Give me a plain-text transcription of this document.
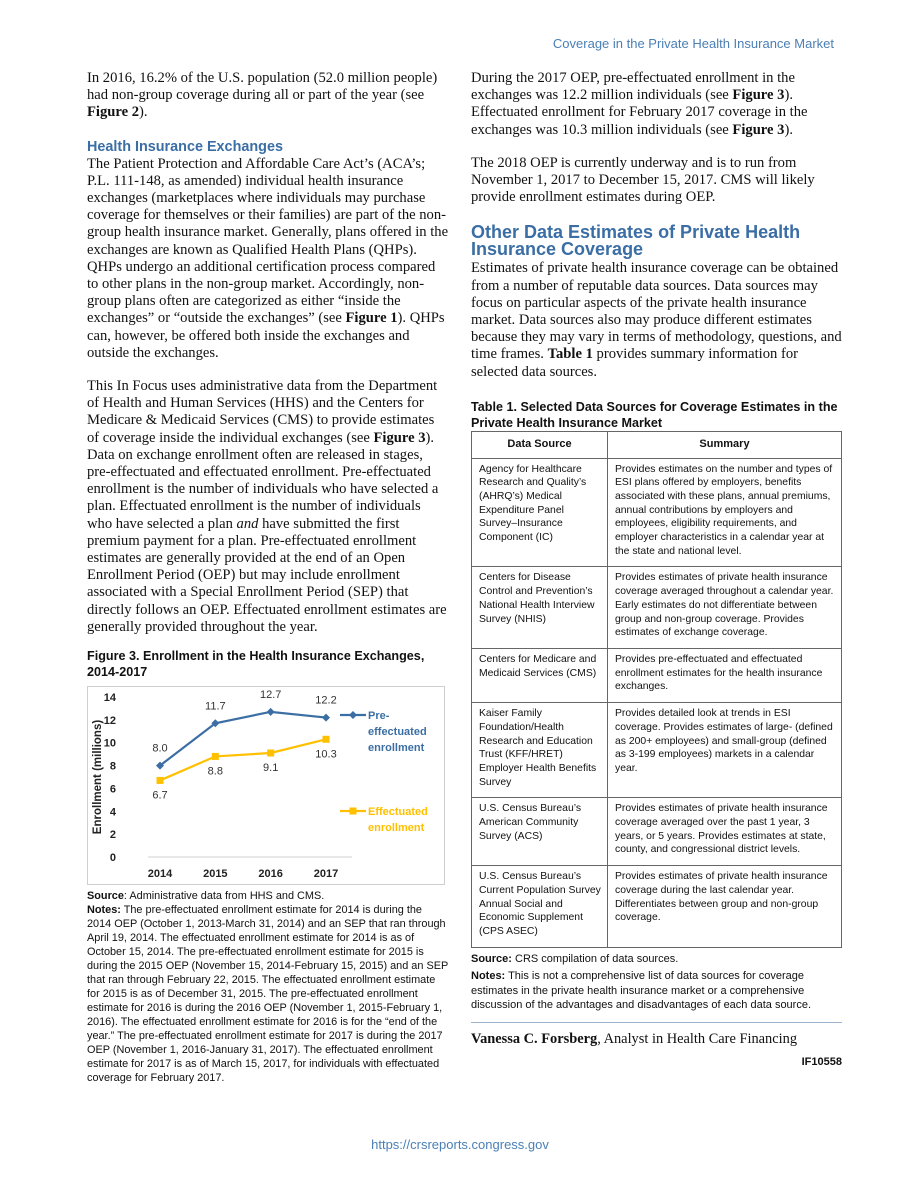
Coverage in the Private Health Insurance Market

In 2016, 16.2% of the U.S. population (52.0 million people) had non-group coverage during all or part of the year (see Figure 2).

Health Insurance Exchanges

The Patient Protection and Affordable Care Act’s (ACA’s; P.L. 111-148, as amended) individual health insurance exchanges (marketplaces where individuals may purchase coverage for themselves or their families) are part of the non-group health insurance market. Generally, plans offered in the exchanges are known as Qualified Health Plans (QHPs). QHPs undergo an additional certification process compared to other plans in the non-group market. Accordingly, non-group plans often are categorized as either “inside the exchanges” or “outside the exchanges” (see Figure 1). QHPs can, however, be offered both inside the exchanges and outside the exchanges.

This In Focus uses administrative data from the Department of Health and Human Services (HHS) and the Centers for Medicare & Medicaid Services (CMS) to provide estimates of coverage inside the individual exchanges (see Figure 3). Data on exchange enrollment often are released in stages, pre-effectuated and effectuated enrollment. Pre-effectuated enrollment is the number of individuals who have selected a plan. Effectuated enrollment is the number of individuals who have selected a plan and have submitted the first premium payment for a plan. Pre-effectuated enrollment estimates are generally provided at the end of an Open Enrollment Period (OEP) but may include enrollment associated with a Special Enrollment Period (SEP) that directly follows an OEP. Effectuated enrollment estimates are generally provided throughout the year.

Figure 3. Enrollment in the Health Insurance Exchanges, 2014-2017
0
2
4
6
8
10
12
14
Enrollment (millions)
2014	2015	2016	2017
8.0
11.7
12.7	12.2
6.7
8.8	9.1
10.3
Pre-
effectuated
enrollment
Effectuated
enrollment

Source: Administrative data from HHS and CMS.

Notes: The pre-effectuated enrollment estimate for 2014 is during the 2014 OEP (October 1, 2013-March 31, 2014) and an SEP that ran through April 19, 2014. The effectuated enrollment estimate for 2014 is as of October 15, 2014. The pre-effectuated enrollment estimate for 2015 is during the 2015 OEP (November 15, 2014-February 15, 2015) and an SEP that ran through February 22, 2015. The effectuated enrollment estimate for 2015 is as of December 31, 2015. The pre-effectuated enrollment estimate for 2016 is during the 2016 OEP (November 1, 2015-February 1, 2016). The effectuated enrollment estimate for 2016 is for the “end of the year.” The pre-effectuated enrollment estimate for 2017 is during the 2017 OEP (November 1, 2016-January 31, 2017). The effectuated enrollment estimate for 2017 is as of March 15, 2017, for individuals with effectuated coverage for February 2017.

During the 2017 OEP, pre-effectuated enrollment in the exchanges was 12.2 million individuals (see Figure 3). Effectuated enrollment for February 2017 coverage in the exchanges was 10.3 million individuals (see Figure 3).

The 2018 OEP is currently underway and is to run from November 1, 2017 to December 15, 2017. CMS will likely provide enrollment estimates during OEP.

Other Data Estimates of Private Health Insurance Coverage

Estimates of private health insurance coverage can be obtained from a number of reputable data sources. Data sources may focus on particular aspects of the private health insurance market. Data sources also may produce different estimates because they may vary in terms of methodology, questions, and time frames. Table 1 provides summary information for selected data sources.

Table 1. Selected Data Sources for Coverage Estimates in the Private Health Insurance Market
Data Source	Summary
Agency for Healthcare Research and Quality’s (AHRQ’s) Medical Expenditure Panel Survey–Insurance Component (IC)	Provides estimates on the number and types of ESI plans offered by employers, benefits associated with these plans, annual premiums, annual contributions by employers and employees, eligibility requirements, and employer characteristics in a calendar year at the state and national level.
Centers for Disease Control and Prevention’s National Health Interview Survey (NHIS)	Provides estimates of private health insurance coverage averaged throughout a calendar year. Early estimates do not differentiate between group and non-group coverage. Provides estimates of exchange coverage.
Centers for Medicare and Medicaid Services (CMS)	Provides pre-effectuated and effectuated enrollment estimates for the health insurance exchanges.
Kaiser Family Foundation/Health Research and Education Trust (KFF/HRET) Employer Health Benefits Survey	Provides detailed look at trends in ESI coverage. Provides estimates of large- (defined as 200+ employees) and small-group (defined as 3-199 employees) markets in a calendar year.
U.S. Census Bureau’s American Community Survey (ACS)	Provides estimates of private health insurance coverage averaged over the past 1 year, 3 years, or 5 years. Provides estimates at state, county, and congressional district levels.
U.S. Census Bureau’s Current Population Survey Annual Social and Economic Supplement (CPS ASEC)	Provides estimates of private health insurance coverage during the last calendar year. Differentiates between group and non-group coverage.

Source: CRS compilation of data sources.

Notes: This is not a comprehensive list of data sources for coverage estimates in the private health insurance market or a comprehensive discussion of the advantages and disadvantages of each data source.

Vanessa C. Forsberg, Analyst in Health Care Financing

IF10558
https://crsreports.congress.gov
